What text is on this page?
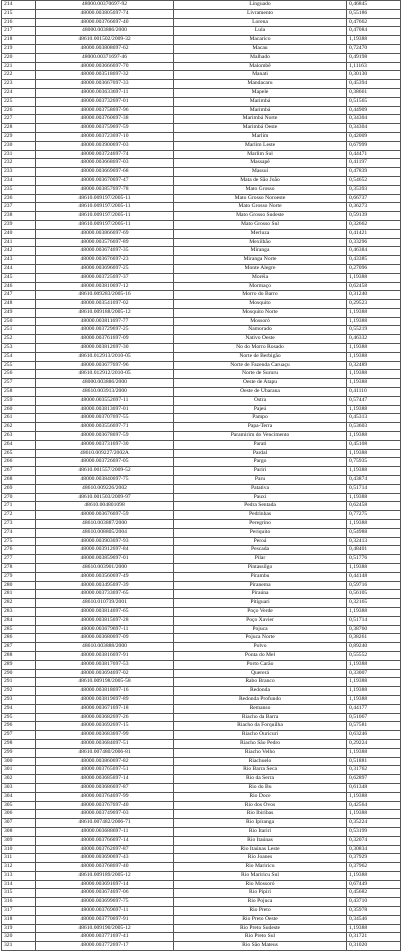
214	48000.00370697-92	Linguado	0,46845
215	48000.003805697-74	Livramento	0,55186
216	48000.003766697-40	Lorena	0,47662
217	48000.003886/2000	Lula	0,47084
218	48610.001502/2009-32	Macarico	1,19388
219	48000.003808697-62	Macau	0,72470
220	48000.00371697-46	Malhado	0,49198
221	48000.003666697-70	Malombê	1,11163
222	48000.003518697-32	Manati	0,30130
223	48000.003667697-33	Mandacaru	0,45394
224	48000.003633697-11	Mapele	0,38661
225	48000.003732697-01	Marimbá	0,51565
226	48000.003758697-96	Marimbá	0,44909
227	48000.003760697-38	Marimbá Norte	0,34304
228	48000.003759697-59	Marimbá Oeste	0,34304
229	48000.003723697-10	Marlim	0,42009
230	48000.003900697-03	Marlim Leste	0,67999
231	48000.003724697-74	Marlim Sul	0,44471
232	48000.003668697-03	Massapê	0,41197
233	48000.003669697-68	Massuí	0,47839
234	48000.003670697-47	Mata de São João	0,54652
235	48000.003857697-78	Mato Grosso	0,35393
236	48610.009197/2005-11	Mato Grosso Noroeste	0,66737
237	48610.009197/2005-11	Mato Grosso Norte	0,36273
238	48610.009197/2005-11	Mato Grosso Sudeste	0,59139
239	48610.009197/2005-11	Mato Grosso Sul	0,32662
240	48000.003866697-69	Merluza	0,41421
241	48000.003576697-89	Mexilhão	0,33296
242	48000.003674697-35	Miranga	0,46384
243	48000.003676697-23	Miranga Norte	0,43385
244	48000.003696697-25	Monte Alegre	0,27096
245	48000.003725697-37	Moréia	1,19388
246	48000.003810697-12	Mormaço	0,62458
247	48610.009283/2005-16	Morro do Barro	0,31240
248	48000.003541697-02	Mosquito	0,29523
249	48610.009188/2005-12	Mosquito Norte	1,19388
250	48000.003811697-77	Mossoró	1,19388
251	48000.003729697-25	Namorado	0,55219
252	48000.003761697-09	Nativo Oeste	0,46332
253	48000.003812697-30	No do Morro Rosado	1,19388
254	48610.012913/2010-05	Norte de Berbigão	1,19388
255	48000.003677697-96	Norte de Fazenda Caruaçu	0,32489
256	48610.012912/2010-05	Norte de Sururu	1,19388
257	48000.003886/2000	Oeste de Atapu	1,19388
258	48610.003913/2000	Oeste de Ubarana	0,41110
259	48000.003552697-11	Ostra	0,57447
260	48000.003813697-01	Pajeú	1,19388
261	48000.003707697-55	Pampo	0,45313
262	48000.003556697-71	Papa-Terra	0,53603
263	48000.003678697-59	Paramirim do Vencimento	1,19388
264	48000.003731697-30	Parati	0,45108
265	48610.009227/2002A	Pardal	1,19388
266	48000.003726697-05	Pargo	0,75935
267	48610.001557/2009-52	Pariri	1,19388
268	48000.003840697-75	Paru	0,43874
269	48610.009226/2002	Patativa	0,51714
270	48610.001503/2009-97	Pauxi	1,19388
271	48610.004801098	Pedra Sentada	0,62458
272	48000.003676697-59	Pedrinhas	0,77275
273	48610.003887/2000	Peregrino	1,19388
274	48610.008805/2004	Periquito	0,54988
275	48000.003903697-93	Peroá	0,32413
276	48000.003912697-84	Pescada	0,48401
277	48000.003859697-01	Pilar	0,51776
278	48610.003901/2000	Pintassilgo	1,19388
279	48000.003560697-49	Pirambu	0,44148
280	48000.003495697-39	Piranema	0,59716
281	48000.003733697-65	Piraúna	0,56105
282	48610.010739/2001	Pitiguari	0,32165
283	48000.003814697-65	Poço Verde	1,19388
284	48000.003815697-28	Poço Xavier	0,51714
285	48000.003679697-11	Pojuca	0,38760
286	48000.003680697-09	Pojuca Norte	0,38261
287	48610.003888/2000	Polvo	0,89240
288	48000.003816697-91	Ponta do Mel	0,55552
289	48000.003817697-53	Porto Carão	1,19388
290	48000.003694697-02	Quererá	0,33007
291	48610.009198/2005-58	Rabo Branco	1,19388
292	48000.003818697-16	Redonda	1,19388
293	48000.003819697-89	Redonda Profundo	1,19388
294	48000.003671697-18	Remanso	0,44177
295	48000.003682697-26	Riacho da Barra	0,51067
296	48000.003692697-15	Riacho da Forquilha	0,57581
297	48000.003683697-99	Riacho Ouricuri	0,63246
298	48000.003684697-51	Riacho São Pedro	0,29224
299	48610.007480/2006-81	Riacho Velho	1,19388
300	48000.003860697-82	Riachuelo	0,51881
301	48000.003765697-51	Rio Barra Seca	0,31762
302	48000.003685697-14	Rio da Serra	0,62897
303	48000.003686697-87	Rio do Bu	0,61348
304	48000.003764697-99	Rio Doce	1,19388
305	48000.003767697-40	Rio dos Ovos	0,42564
306	48000.003749697-03	Rio Ibiribas	1,19388
307	48610.007482/2006-71	Rio Ipiranga	0,35224
308	48000.003688697-11	Rio Itariri	0,53199
309	48000.003766697-14	Rio Itaúnas	0,32074
310	48000.003762697-87	Rio Itaúnas Leste	0,30834
311	48000.003690697-43	Rio Joanes	0,37929
312	48000.003768697-40	Rio Mariricu	0,37962
313	48610.009189/2005-12	Rio Mariricu Sul	1,19388
314	48000.003691697-14	Rio Mossoró	0,67449
315	48000.003674697-06	Rio Pipiri	0,45682
316	48000.003699697-75	Rio Pojuca	0,43710
317	48000.003769697-11	Rio Preto	0,35978
318	48000.003770697-91	Rio Preto Oeste	0,34546
319	48610.009190/2005-12	Rio Preto Sudeste	1,19388
320	48000.003771697-41	Rio Preto Sul	0,31721
321	48000.003772697-17	Rio São Mateus	0,31020
